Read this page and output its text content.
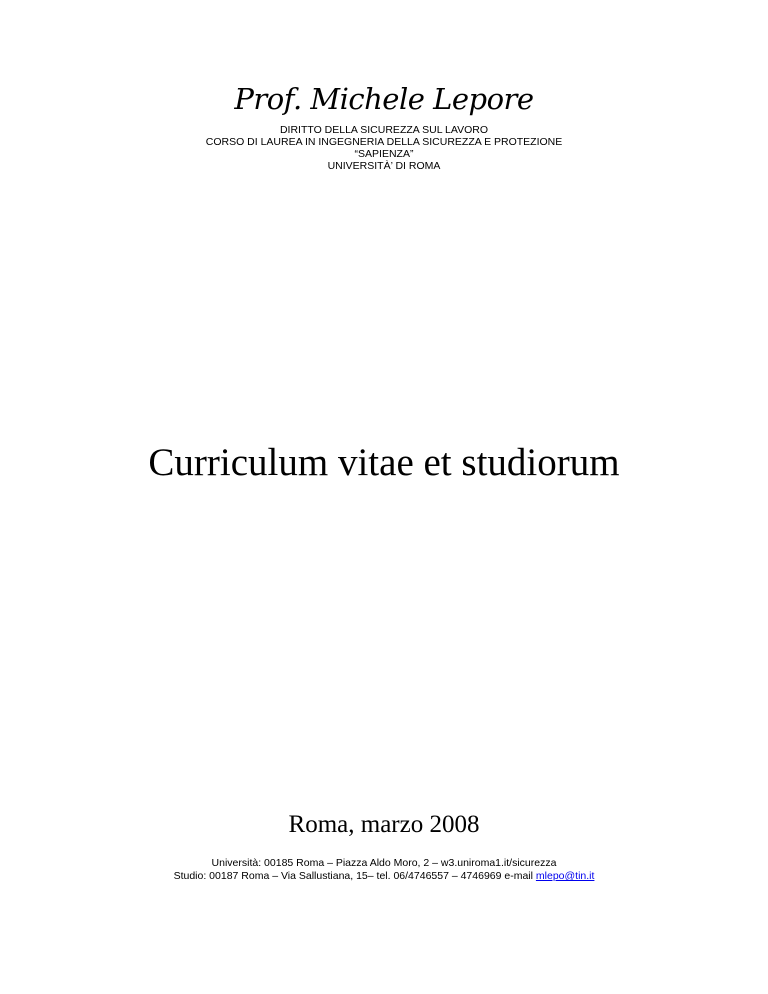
Prof. Michele Lepore
DIRITTO DELLA SICUREZZA SUL LAVORO
CORSO DI LAUREA IN INGEGNERIA DELLA SICUREZZA E PROTEZIONE
“SAPIENZA”
UNIVERSITÀ’ DI ROMA
Curriculum vitae et studiorum
Roma, marzo 2008
Università: 00185 Roma – Piazza Aldo Moro, 2 – w3.uniroma1.it/sicurezza
Studio: 00187 Roma – Via Sallustiana, 15– tel. 06/4746557 – 4746969 e-mail mlepo@tin.it
